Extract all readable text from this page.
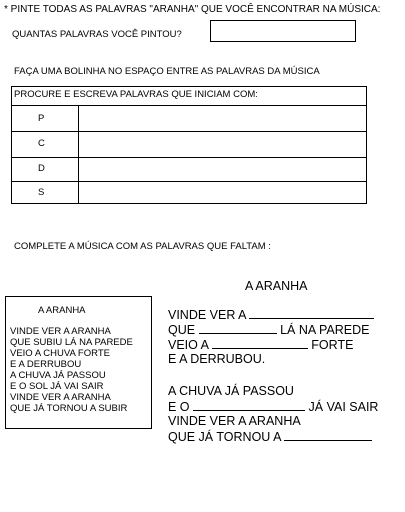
* PINTE TODAS AS PALAVRAS "ARANHA" QUE VOCÊ ENCONTRAR NA MÚSICA:
QUANTAS PALAVRAS VOCÊ PINTOU?
FAÇA UMA BOLINHA NO ESPAÇO ENTRE AS PALAVRAS DA MÚSICA
PROCURE E ESCREVA PALAVRAS QUE INICIAM COM:
P
C
D
S
COMPLETE A MÚSICA COM AS PALAVRAS QUE FALTAM :
A ARANHA
VINDE VER A ARANHA
QUE SUBIU LÁ NA PAREDE
VEIO A CHUVA FORTE
E A DERRUBOU
A CHUVA JÁ PASSOU
E O SOL JÁ VAI SAIR
VINDE VER A ARANHA
QUE JÁ TORNOU A SUBIR
A ARANHA
VINDE VER A
QUE	LÁ NA PAREDE
VEIO A	FORTE
E A DERRUBOU.
A CHUVA JÁ PASSOU
E O	JÁ VAI SAIR
VINDE VER A ARANHA
QUE JÁ TORNOU A
